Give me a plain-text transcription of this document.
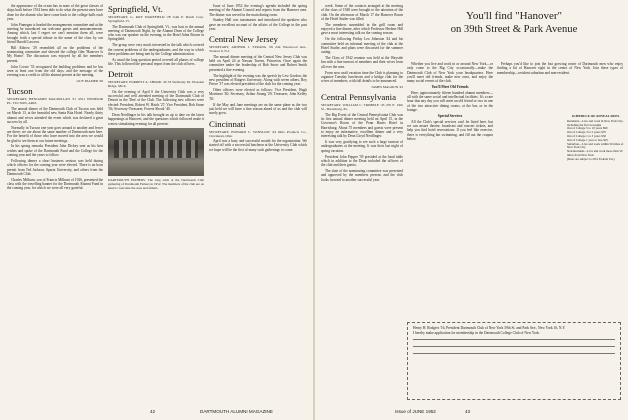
the appearance of the ocean has in none of the great classes of ships built before 1914 been able to do what the present ones have done for the alumni who have come back to the college halls each year.

John Finnegan is headed the arrangements committee and at the meeting he introduced our welcome guests and announcements. Among which, last I regret we can't mention them all, were brought forth a special tribute in the name of the class by our friend Harold Lawson.

Bill Aldrow '29 resembled all on the problems of the nominating committee and showed the college film 'Hanover Is My Home'. The discussion was enjoyed by all the members present.

John Crowe '33 recognized the building problems and he has seen at least one from the old days, and the message of the evening was a credit to all the alumni present at the meeting.

GUY PALMER '29
Tucson
SECRETARY, BENJAMIN MACMILLAN '31 4321 WINDSOR PL. TUCSON, ARIZ.

The annual dinner of the Dartmouth Club of Tucson was held on March 13, at the beautiful new Santa Rita Hotel. Nearly thirty alumni and wives attended the event which was declared a great success by all.

Normally in Tucson one year goes around to another and fewer are there; we are about the same number of Dartmouth men here. For the benefit of those who have moved into the area we would be glad to see them at our future meetings.

In his spring remarks President John Dickey sent us his best wishes and spoke of the Dartmouth Fund and the College for the coming year and the years to follow.

Following dinner a short business session was held during which officers for the coming year were elected. There is an hour permit from Ted Jackson, Sparta University, and others from the Dartmouth Club.

Charles Milburn, son of Francis Milburn of 1926, presented the class with the travelling banner for the Dartmouth Alumni Fund in the coming year, for which we were all very grateful.

Springfield, Vt.
SECRETARY, G. ROY WAKEFIELD '28 John P. Dutch Corp. Springfield, Vt.

The Dartmouth Club of Springfield, Vt., was host to the annual meeting of Dartmouth Night, by the Alumni Dean of the College who was our speaker on the evening, in the Hotel Adna Brown in Springfield.

The group were very much interested in the talk which covered the current problems of the undergraduates, and the way in which these problems are being met by the College administration.

As usual the long question period covered all phases of college life. This followed the personal report from the club officers.

Detroit
SECRETARY, FORREST A. SHOOK '40 33 Wellesley Dr. Pleasant Ridge, Mich.

On the evening of April 6 the University Club was a very successful and well attended meeting of the Dartmouth Club of Detroit in the 'Den' of the Club. The following new officers were elected: President, Robert W. Hatch '27; Vice President, Bob Stone '36; Secretary-Treasurer, Forrest Shook '40.

Dean Neidlinger in his talk brought us up to date on the latest happenings at Hanover, and the questions which followed made it a most stimulating evening for all present.

DARTMOUTH FATHERS: The long table at the Dartmouth Club gathering of Dartmouth Fathers in 1952. The members of the club are on hand to welcome the sons and fathers.

Issue of June 1952 the evening's agenda included the spring meeting of the Alumni Council and reports from the Hanover area. The dinner was served in the main dining room.

Stanley Hall was toastmaster and introduced the speakers who gave an excellent account of the affairs of the College in the past year.

Central New Jersey
SECRETARY, ARTHUR J. STRANG '29 244 Westwood Ave., Trenton 9, N.J.

The annual dinner meeting of the Central New Jersey Club was held on April 24 at Nassau Tavern, Princeton. Once again the committee under the leadership of Bob Snow and Robert Smith presented a fine evening.

The highlight of the evening was the speech by Lew Gordon, the new president of Rutgers University. Along with seven others, Roy Pierce '37 was elected president of the club for the coming year.

Other officers were elected as follows: Vice President, Hugh Mortimer '40; Secretary, Arthur Strang '29; Treasurer, John Kelley '30.

If the May and June meetings are on the same plane as the two just held we will have a fine season ahead of us and the club will surely grow.

Cincinnati
SECRETARY, EDWARD C. WINSLOW '44 Ohio Products Co., Cincinnati, Ohio

April was a busy and successful month for the organization. We started off with a successful luncheon at the University Club which we hope will be the first of many such gatherings to come.

42	DARTMOUTH ALUMNI MAGAZINE

week. Some of the contacts arranged at the meeting of the class of 1948 were brought to the attention of the club. On the afternoon of March 17 the Hanover Room of the Hotel Statler was filled.

The members assembled in the grill room and enjoyed a fine dinner, after which Professor Herbert Hill gave a most interesting talk on the coming season.

On the following Friday Leo Johnston '44 and his committee held an informal meeting of the club at the Hotel Statler, and plans were discussed for the summer outing.

The Class of 1942 reunion was held at the Wayside Inn with a fine turnout of members and their wives from all over the area.

From now until vacation time the Club is planning to organize Tuesday luncheons and a bridge club for the wives of members, with full details to be announced.

JAMES MAGOUN '43
Central Pennsylvania
SECRETARY, WILLIAM C. TRIMBLE '43 476 E. 19th St., Harrisburg, Pa.

The Big Event of the Central Pennsylvania Club was its first annual dinner meeting held on April 15, in the Governor's Room of the Penn Harris Hotel in Harrisburg. About 75 members and guests were present to enjoy an informative, excellent dinner and a very interesting talk by Dean Lloyd Neidlinger.

It was very gratifying to see such a large turnout of undergraduates at the meeting. It was their last night of spring vacation.

President John Pepper '39 presided at the head table which in addition to the Dean included the officers of the club and their guests.

The slate of the nominating committee was presented and approved by the members present, and the club looks forward to another successful year.

Whether you live and work in or around New York—or only come to the Big City occasionally—make the Dartmouth Club of New York your headquarters. Here you'll meet old friends, make new ones, and enjoy the many social events of the club.

You'll Meet Old Friends

Here, approximately fifteen hundred alumni members—all with the same social and intellectual facilities. It's a rare hour that any day you will meet an old friend or two in one of the two attractive dining rooms, at the bar, or in the lounge.

Special Services

All the Club's special services can't be listed here, but we can assure theatre, broadcast and concert tickets, and help you find hotel reservations. If you feel like exercise, there is everything but swimming, and fill out the coupon below.

You'll find "Hanover"
on 39th Street & Park Avenue

Perhaps you'd like to join the fast growing roster of Dartmouth men who enjoy finding a bit of Hanover right in the center of New York. Join these types of membership—resident suburban and non-resident.

SCHEDULE OF ANNUAL DUES
Residents—Live and work in New York City, including the five boroughs
Out of College 5 to 10 years $90
Out of College 3 to 5 years $70
Out of College 1 to 3 years $50
Out of College 1 year or less $25
Suburban—Live and work within 50 miles of New York City
Non-Resident—Live and work more than 50 miles from New York
(Dues are subject to 20% Federal Tax)
Henry H. Rodgers '16, President Dartmouth Club of New York 39th St. and Park Ave., New York 16, N.Y.
I hereby make application for membership in the Dartmouth College Club of New York.
Issue of JUNE 1952	43
